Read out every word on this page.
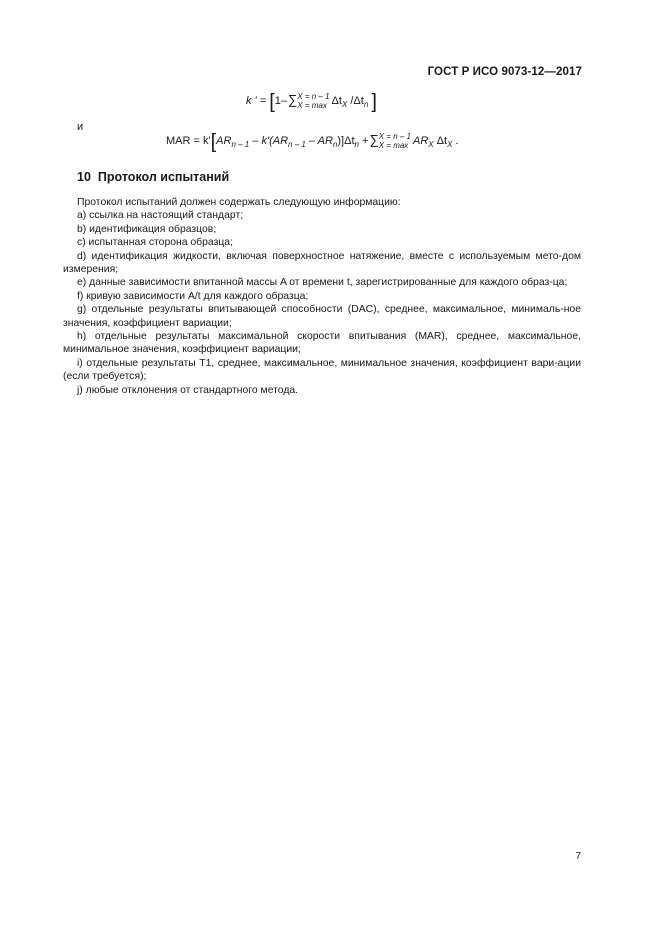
ГОСТ Р ИСО 9073-12—2017
k ' = [1–∑ X = n – 1
$X = \max \Delta t_X$ $/\Delta t_n$ ]
и
MAR = $k'[AR_{n - 1} - k'(AR_{n - 1} - AR_n)]\Delta t_n$ +∑ X = n – 1
$X = \max AR_X$ $\Delta t_X$ .
10 Протокол испытаний

Протокол испытаний должен содержать следующую информацию:

a) ссылка на настоящий стандарт;

b) идентификация образцов;

c) испытанная сторона образца;

d) идентификация жидкости, включая поверхностное натяжение, вместе с используемым мето-дом измерения;

e) данные зависимости впитанной массы A от времени t, зарегистрированные для каждого образ-ца;

f) кривую зависимости A/t для каждого образца;

g) отдельные результаты впитывающей способности (DAC), среднее, максимальное, минималь-ное значения, коэффициент вариации;

h) отдельные результаты максимальной скорости впитывания (MAR), среднее, максимальное, минимальное значения, коэффициент вариации;

i) отдельные результаты T1, среднее, максимальное, минимальное значения, коэффициент вари-ации (если требуется);

j) любые отклонения от стандартного метода.

7
